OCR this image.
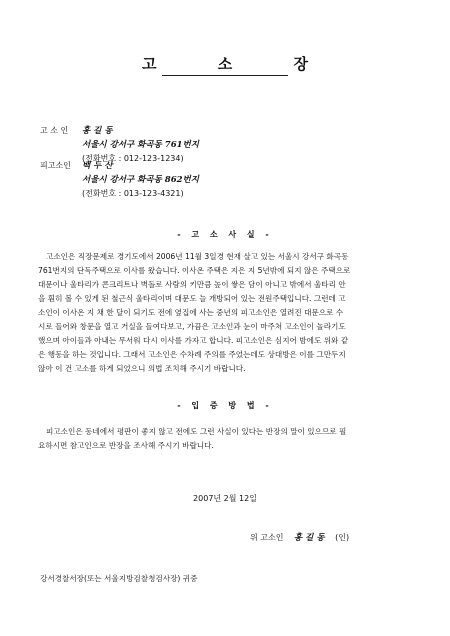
고 소 장
고 소 인 홍 길 동
서울시 강서구 화곡동 761번지
(전화번호 : 012-123-1234)
피고소인 백 두 산
서울시 강서구 화곡동 862번지
(전화번호 : 013-123-4321)
- 고 소 사 실 -
고소인은 직장문제로 경기도에서 2006년 11월 3일경 현재 살고 있는 서울시 강서구 화곡동
761번지의 단독주택으로 이사를 왔습니다. 이사온 주택은 지은 지 5년밖에 되지 않은 주택으로
대문이나 울타리가 콘크리트나 벽돌로 사람의 키만큼 높이 쌓은 담이 아니고 밖에서 울타리 안
을 훤히 볼 수 있게 된 철근식 울타리이며 대문도 늘 개방되어 있는 전원주택입니다. 그런데 고
소인이 이사온 지 채 한 달이 되기도 전에 옆집에 사는 중년의 피고소인은 열려진 대문으로 수
시로 들어와 창문을 열고 거실을 들여다보고, 가끔은 고소인과 눈이 마주쳐 고소인이 놀라기도
했으며 아이들과 아내는 무서워 다시 이사를 가자고 합니다. 피고소인은 심지어 밤에도 위와 같
은 행동을 하는 것입니다. 그래서 고소인은 수차례 주의를 주었는데도 상대방은 이를 그만두지
않아 이 건 고소를 하게 되었으니 의법 조치해 주시기 바랍니다.
- 입 증 방 법 -
피고소인은 동네에서 평판이 좋지 않고 전에도 그런 사실이 있다는 반장의 말이 있으므로 필
요하시면 참고인으로 반장을 조사해 주시기 바랍니다.
2007년 2월 12일
위 고소인 홍 길 동 (인)
강서경찰서장(또는 서울지방검찰청검사장) 귀중
